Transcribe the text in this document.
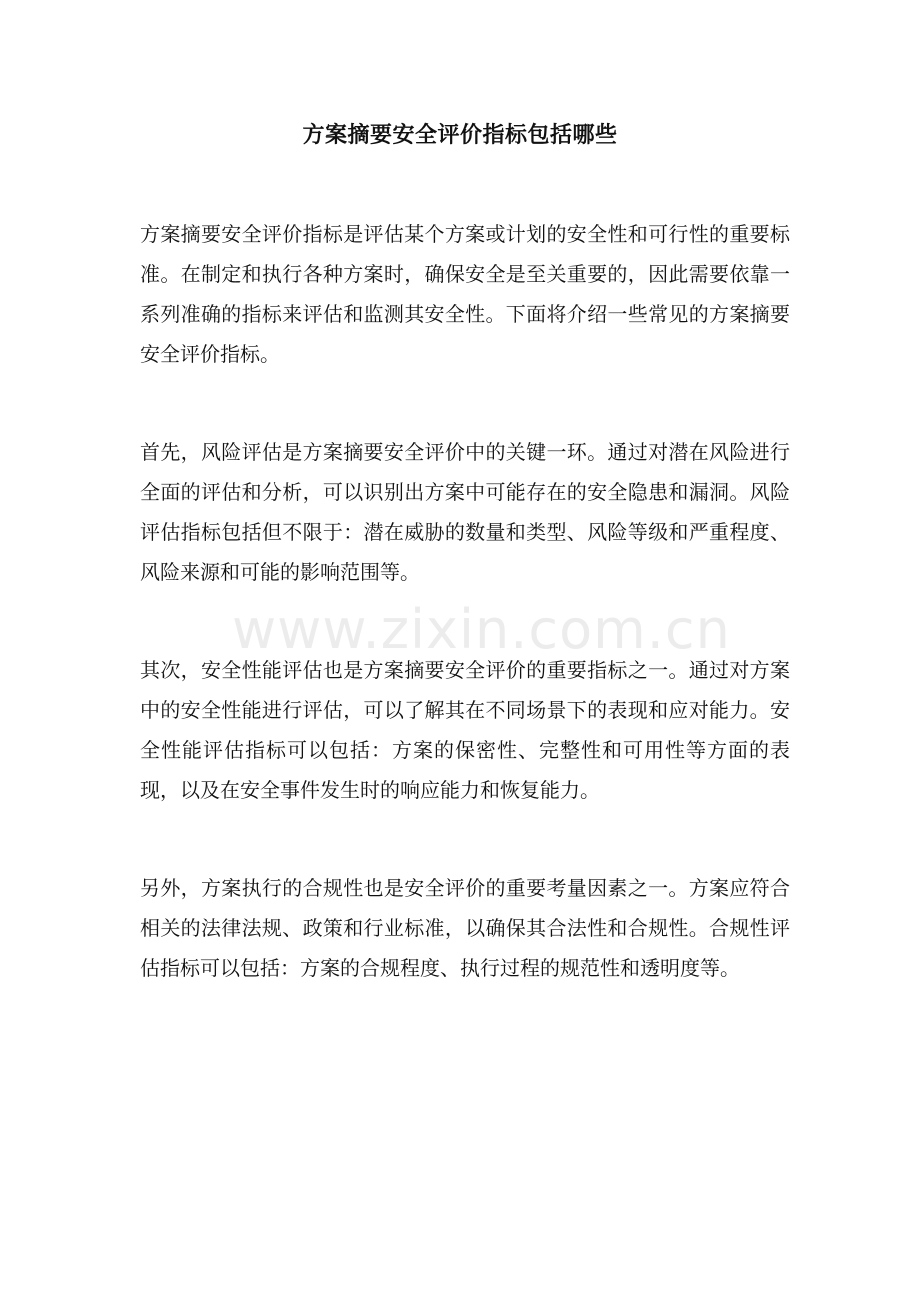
方案摘要安全评价指标包括哪些

方案摘要安全评价指标是评估某个方案或计划的安全性和可行性的重要标准。在制定和执行各种方案时，确保安全是至关重要的，因此需要依靠一系列准确的指标来评估和监测其安全性。下面将介绍一些常见的方案摘要安全评价指标。

首先，风险评估是方案摘要安全评价中的关键一环。通过对潜在风险进行全面的评估和分析，可以识别出方案中可能存在的安全隐患和漏洞。风险评估指标包括但不限于：潜在威胁的数量和类型、风险等级和严重程度、风险来源和可能的影响范围等。

其次，安全性能评估也是方案摘要安全评价的重要指标之一。通过对方案中的安全性能进行评估，可以了解其在不同场景下的表现和应对能力。安全性能评估指标可以包括：方案的保密性、完整性和可用性等方面的表现，以及在安全事件发生时的响应能力和恢复能力。

另外，方案执行的合规性也是安全评价的重要考量因素之一。方案应符合相关的法律法规、政策和行业标准，以确保其合法性和合规性。合规性评估指标可以包括：方案的合规程度、执行过程的规范性和透明度等。

www.zixin.com.cn
